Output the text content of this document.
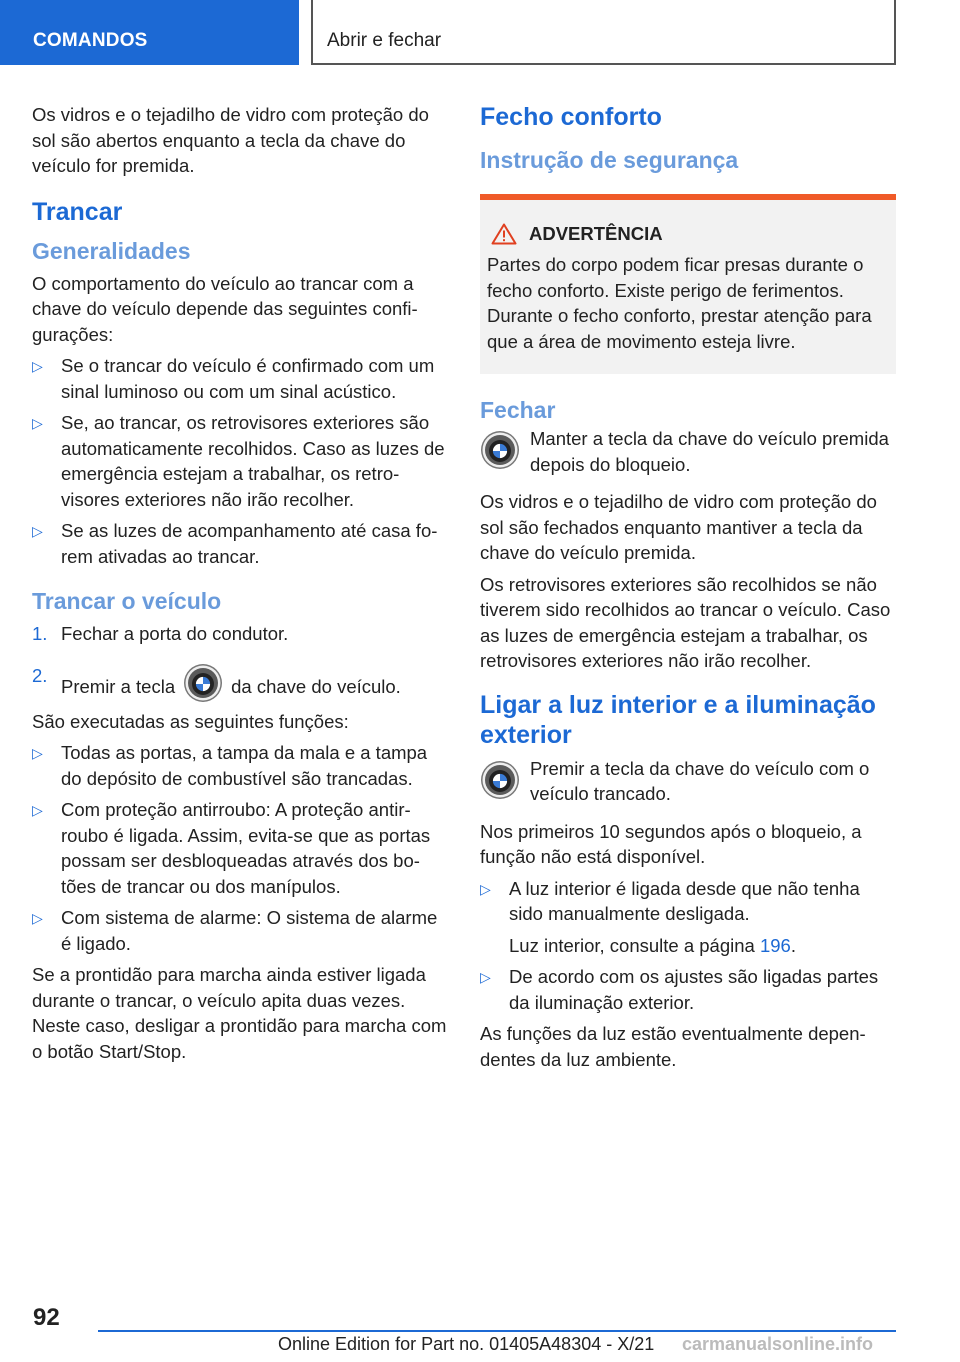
COMANDOS	Abrir e fechar

Os vidros e o tejadilho de vidro com proteção do sol são abertos enquanto a tecla da chave do veículo for premida.

Trancar
Generalidades

O comportamento do veículo ao trancar com a chave do veículo depende das seguintes configurações:

▷ Se o trancar do veículo é confirmado com um sinal luminoso ou com um sinal acústico.
▷ Se, ao trancar, os retrovisores exteriores são automaticamente recolhidos. Caso as luzes de emergência estejam a trabalhar, os retrovisores exteriores não irão recolher.
▷ Se as luzes de acompanhamento até casa forem ativadas ao trancar.
Trancar o veículo
1. Fechar a porta do condutor.
2.
Premir a tecla	da chave do veículo.

São executadas as seguintes funções:

▷ Todas as portas, a tampa da mala e a tampa do depósito de combustível são trancadas.
▷ Com proteção antirroubo: A proteção antirroubo é ligada. Assim, evita-se que as portas possam ser desbloqueadas através dos botões de trancar ou dos manípulos.
▷ Com sistema de alarme: O sistema de alarme é ligado.

Se a prontidão para marcha ainda estiver ligada durante o trancar, o veículo apita duas vezes. Neste caso, desligar a prontidão para marcha com o botão Start/Stop.

Fecho conforto
Instrução de segurança
ADVERTÊNCIA

Partes do corpo podem ficar presas durante o fecho conforto. Existe perigo de ferimentos. Durante o fecho conforto, prestar atenção para que a área de movimento esteja livre.

Fechar

Manter a tecla da chave do veículo premida depois do bloqueio.

Os vidros e o tejadilho de vidro com proteção do sol são fechados enquanto mantiver a tecla da chave do veículo premida.

Os retrovisores exteriores são recolhidos se não tiverem sido recolhidos ao trancar o veículo. Caso as luzes de emergência estejam a trabalhar, os retrovisores exteriores não irão recolher.

Ligar a luz interior e a iluminação exterior

Premir a tecla da chave do veículo com o veículo trancado.

Nos primeiros 10 segundos após o bloqueio, a função não está disponível.

▷ A luz interior é ligada desde que não tenha sido manualmente desligada.
Luz interior, consulte a página 196.
▷ De acordo com os ajustes são ligadas partes da iluminação exterior.

As funções da luz estão eventualmente dependentes da luz ambiente.

92
Online Edition for Part no. 01405A48304 - X/21 carmanualsonline.info
